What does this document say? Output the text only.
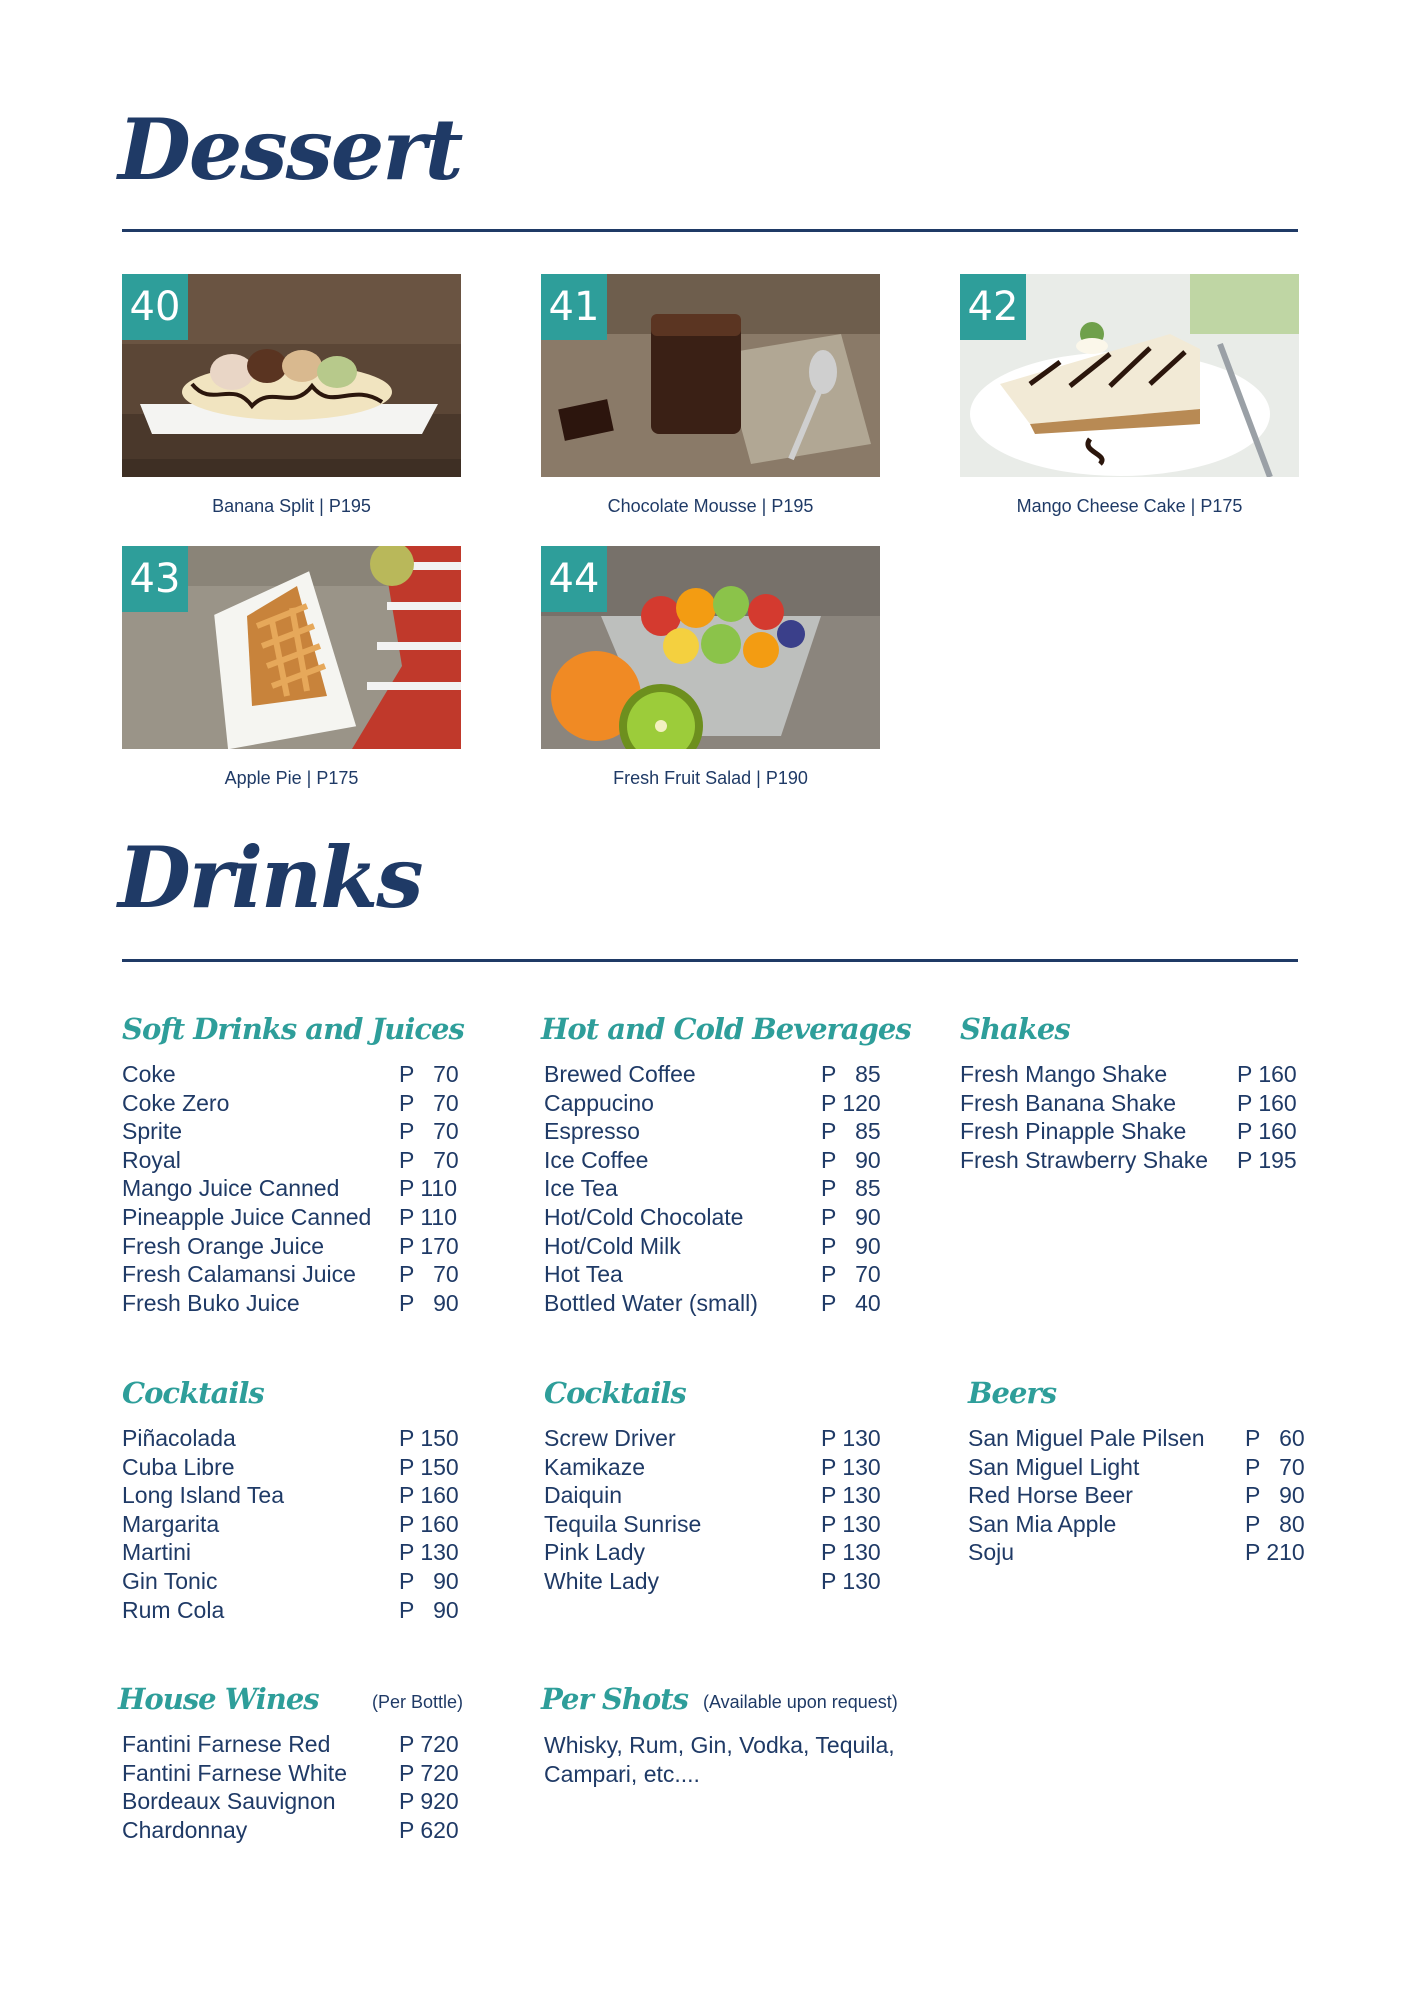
Dessert
40
Banana Split | P195
41
Chocolate Mousse | P195
42
Mango Cheese Cake | P175
43
Apple Pie | P175
44
Fresh Fruit Salad | P190
Drinks
Soft Drinks and Juices
Coke	P   70
Coke Zero	P   70
Sprite	P   70
Royal	P   70
Mango Juice Canned	P 110
Pineapple Juice Canned P 110
Fresh Orange Juice	P 170
Fresh Calamansi Juice P   70
Fresh Buko Juice	P   90
Hot and Cold Beverages
Brewed Coffee	P   85
Cappucino	P 120
Espresso	P   85
Ice Coffee	P   90
Ice Tea	P   85
Hot/Cold Chocolate	P   90
Hot/Cold Milk	P   90
Hot Tea	P   70
Bottled Water (small)	P   40
Shakes
Fresh Mango Shake	P 160
Fresh Banana Shake	P 160
Fresh Pinapple Shake P 160
Fresh Strawberry Shake P 195
Cocktails
Piñacolada	P 150
Cuba Libre	P 150
Long Island Tea	P 160
Margarita	P 160
Martini	P 130
Gin Tonic	P   90
Rum Cola	P   90
Cocktails
Screw Driver	P 130
Kamikaze	P 130
Daiquin	P 130
Tequila Sunrise	P 130
Pink Lady	P 130
White Lady	P 130
Beers
San Miguel Pale Pilsen P   60
San Miguel Light	P   70
Red Horse Beer	P   90
San Mia Apple	P   80
Soju	P 210
House Wines	(Per Bottle)
Fantini Farnese Red	P 720
Fantini Farnese White P 720
Bordeaux Sauvignon	P 920
Chardonnay	P 620
Per Shots (Available upon request)
Whisky, Rum, Gin, Vodka, Tequila,
Campari, etc....
